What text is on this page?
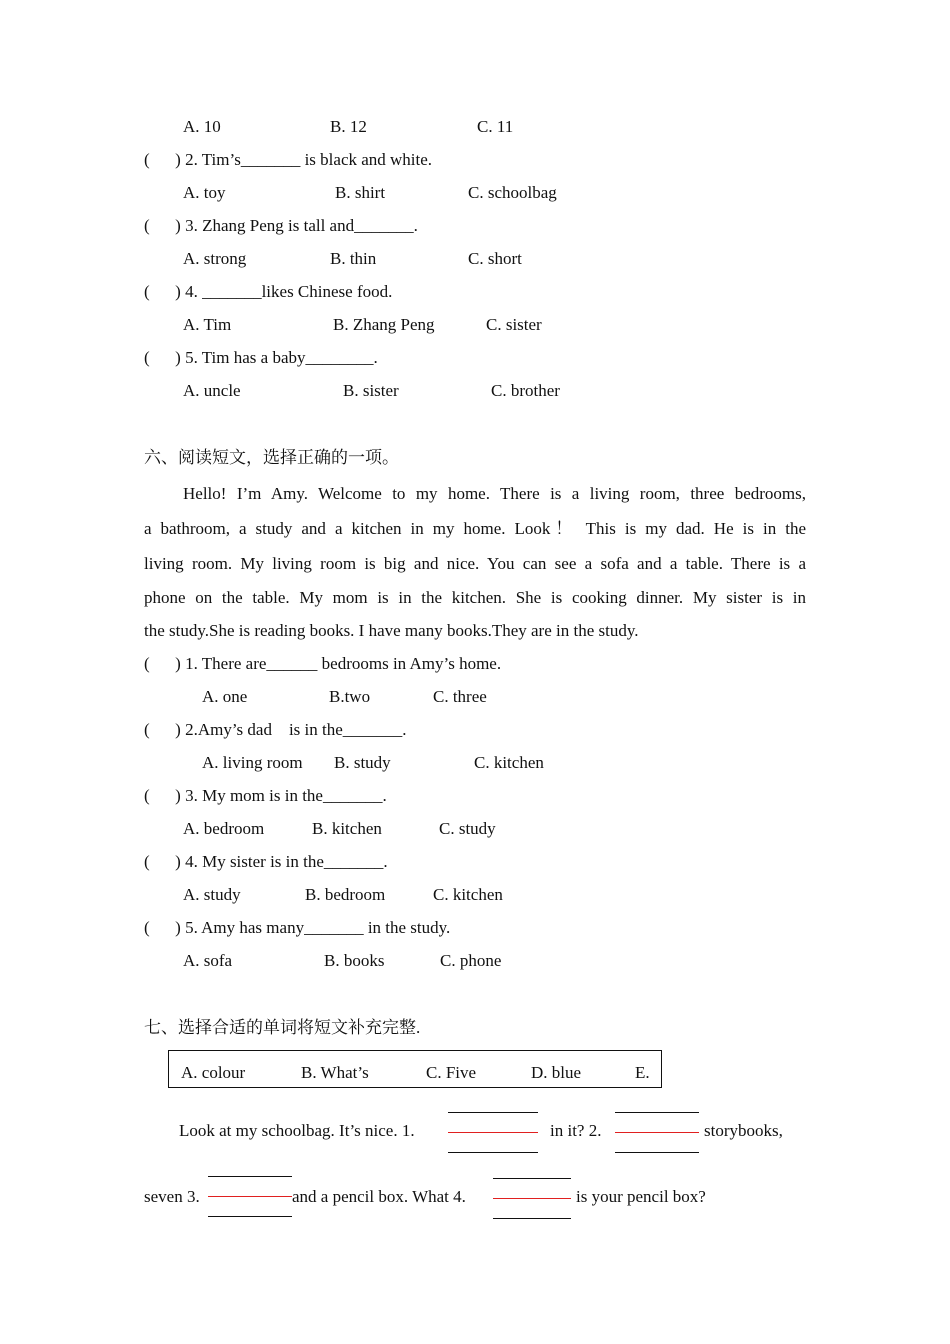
A. 10	B. 12	C. 11
(      ) 2. Tim’s_______ is black and white.
A. toy	B. shirt	C. schoolbag
(      ) 3. Zhang Peng is tall and_______.
A. strong	B. thin	C. short
(      ) 4. _______likes Chinese food.
A. Tim	B. Zhang Peng	C. sister
(      ) 5. Tim has a baby________.
A. uncle	B. sister	C. brother
六、阅读短文，选择正确的一项。
Hello! I’m Amy. Welcome to my home. There is a living room, three bedrooms,
a bathroom, a study and a kitchen in my home. Look！ This is my dad. He is in the
living room. My living room is big and nice. You can see a sofa and a table. There is a
phone on the table. My mom is in the kitchen. She is cooking dinner. My sister is in
the study.She is reading books. I have many books.They are in the study.
(      ) 1. There are______ bedrooms in Amy’s home.
A. one	B.two	C. three
(      ) 2.Amy’s dad    is in the_______.
A. living room B. study	C. kitchen
(      ) 3. My mom is in the_______.
A. bedroom	B. kitchen	C. study
(      ) 4. My sister is in the_______.
A. study	B. bedroom	C. kitchen
(      ) 5. Amy has many_______ in the study.
A. sofa	B. books	C. phone
七、选择合适的单词将短文补充完整.
A. colour	B. What’s	C. Five	D. blue	E.
Look at my schoolbag. It’s nice. 1.	in it? 2.	storybooks,
seven 3.	and a pencil box. What 4.	is your pencil box?
